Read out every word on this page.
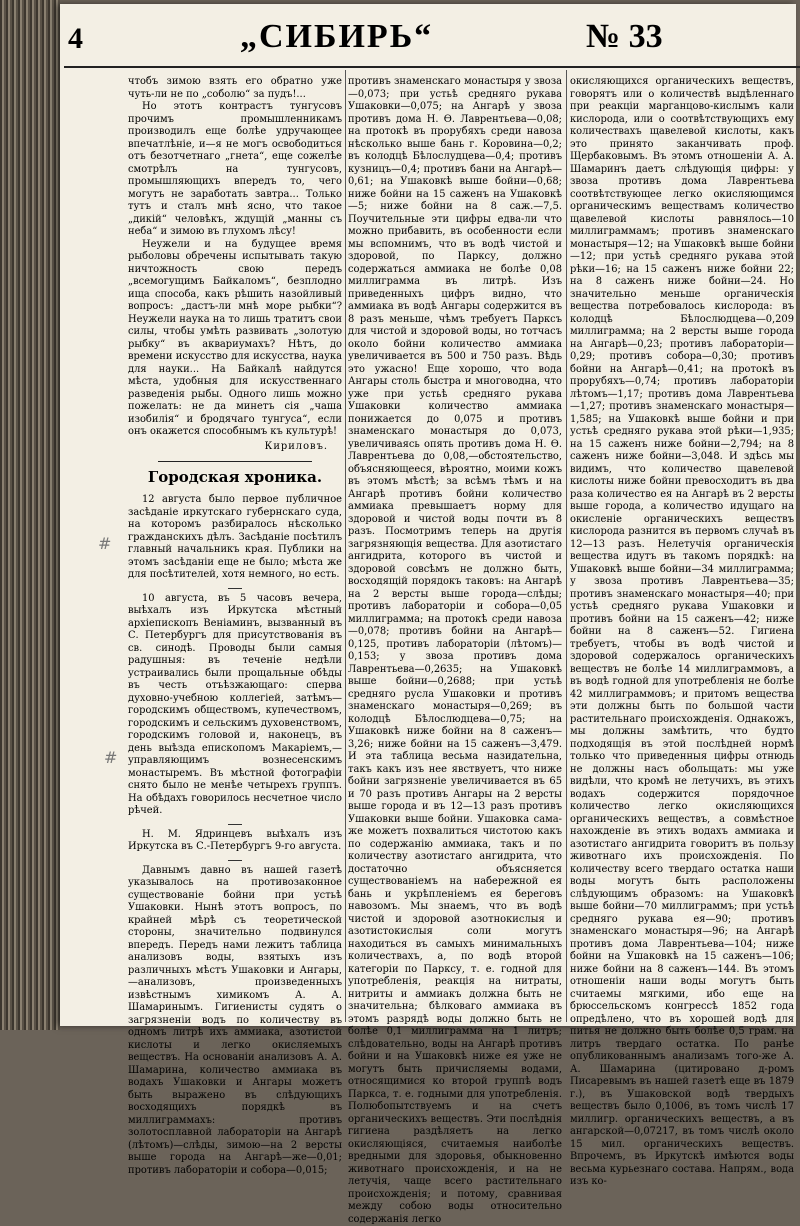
4	„СИБИРЬ“	№ 33
#
#

чтобъ зимою взять его обратно уже чуть-ли не по „соболю“ за пудъ!...

Но этотъ контрастъ тунгусовъ прочимъ промышленникамъ производилъ еще болѣе удручающее впечатлѣніе, и—я не могъ освободиться отъ безотчетнаго „гнета“, еще сожелѣе смотрѣлъ на тунгусовъ, промышляющихъ впередъ то, чего могутъ не заработать завтра... Только тутъ и сталъ мнѣ ясно, что такое „дикій“ человѣкъ, ждущій „манны съ неба“ и зимою въ глухомъ лѣсу!

Неужели и на будущее время рыболовы обречены испытывать такую ничтожность свою передъ „всемогущимъ Байкаломъ“, безплодно ища способа, какъ рѣшить назойливый вопросъ: „дастъ-ли мнѣ море рыбки“? Неужели наука на то лишь тратитъ свои силы, чтобы умѣть развивать „золотую рыбку“ въ аквариумахъ? Нѣтъ, до времени искусство для искусства, наука для науки... На Байкалѣ найдутся мѣста, удобныя для искусственнаго разведенія рыбы. Одного лишь можно пожелать: не да минетъ сія „чаша изобилія“ и бродячаго тунгуса“, если онъ окажется способнымъ къ культурѣ!

Кириловъ.
Городская хроника.

12 августа было первое публичное засѣданіе иркутскаго губернскаго суда, на которомъ разбиралось нѣсколько гражданскихъ дѣлъ. Засѣданіе посѣтилъ главный начальникъ края. Публики на этомъ засѣданіи еще не было; мѣста же для посѣтителей, хотя немного, но есть.

10 августа, въ 5 часовъ вечера, выѣхалъ изъ Иркутска мѣстный архіепископъ Веніаминъ, вызванный въ С. Петербургъ для присутствованія въ св. синодѣ. Проводы были самыя радушныя: въ теченіе недѣли устраивались были прощальные обѣды въ честь отъѣзжающаго: сперва духовно-учебною коллегіей, затѣмъ—городскимъ обществомъ, купечествомъ, городскимъ и сельскимъ духовенствомъ, городскимъ головой и, наконецъ, въ день выѣзда епископомъ Макаріемъ,—управляющимъ вознесенскимъ монастыремъ. Въ мѣстной фотографіи снято было не менѣе четырехъ группъ. На обѣдахъ говорилось несчетное число рѣчей.

Н. М. Ядринцевъ выѣхалъ изъ Иркутска въ С.-Петербургъ 9-го августа.

Давнымъ давно въ нашей газетѣ указывалось на противозаконное существованіе бойни при устьѣ Ушаковки. Нынѣ этотъ вопросъ, по крайней мѣрѣ съ теоретической стороны, значительно подвинулся впередъ. Передъ нами лежитъ таблица анализовъ воды, взятыхъ изъ различныхъ мѣстъ Ушаковки и Ангары,—анализовъ, произведенныхъ извѣстнымъ химикомъ А. А. Шамаринымъ. Гигиенисты судятъ о загрязненіи водъ по количеству въ одномъ литрѣ ихъ аммиака, азотистой кислоты и легко окисляемыхъ веществъ. На основаніи анализовъ А. А. Шамарина, количество аммиака въ водахъ Ушаковки и Ангары можетъ быть выражено въ слѣдующихъ восходящихъ порядкѣ въ миллиграммахъ: противъ золотосплавной лабораторіи на Ангарѣ (лѣтомъ)—слѣды, зимою—на 2 версты выше города на Ангарѣ—же—0,01; противъ лабораторіи и собора—0,015;

противъ знаменскаго монастыря у звоза—0,073; при устьѣ средняго рукава Ушаковки—0,075; на Ангарѣ у звоза противъ дома Н. Ѳ. Лаврентьева—0,08; на протокѣ въ прорубяхъ среди навоза нѣсколько выше бань г. Коровина—0,2; въ колодцѣ Бѣлослудцева—0,4; противъ кузницъ—0,4; противъ бани на Ангарѣ—0,61; на Ушаковкѣ выше бойни—0,68; ниже бойни на 15 саженъ на Ушаковкѣ—5; ниже бойни на 8 саж.—7,5. Поучительные эти цифры едва-ли что можно прибавить, въ особенности если мы вспомнимъ, что въ водѣ чистой и здоровой, по Парксу, должно содержаться аммиака не болѣе 0,08 миллиграмма въ литрѣ. Изъ приведенныхъ цифръ видно, что аммиака въ водѣ Ангары содержится въ 8 разъ меньше, чѣмъ требуетъ Парксъ для чистой и здоровой воды, но тотчасъ около бойни количество аммиака увеличивается въ 500 и 750 разъ. Вѣдь это ужасно! Еще хорошо, что вода Ангары столь быстра и многоводна, что уже при устьѣ средняго рукава Ушаковки количество аммиака понижается до 0,075 и противъ знаменскаго монастыря до 0,073, увеличиваясь опять противъ дома Н. Ѳ. Лаврентьева до 0,08,—обстоятельство, объясняющееся, вѣроятно, моими кожъ въ этомъ мѣстѣ; за всѣмъ тѣмъ и на Ангарѣ противъ бойни количество аммиака превышаетъ норму для здоровой и чистой воды почти въ 8 разъ. Посмотримъ теперь на другія загрязняющія вещества. Для азотистаго ангидрита, которого въ чистой и здоровой совсѣмъ не должно быть, восходящій порядокъ таковъ: на Ангарѣ на 2 версты выше города—слѣды; противъ лабораторіи и собора—0,05 миллиграмма; на протокѣ среди навоза—0,078; противъ бойни на Ангарѣ—0,125, противъ лабораторіи (лѣтомъ)—0,153; у звоза противъ дома Лаврентьева—0,2635; на Ушаковкѣ выше бойни—0,2688; при устьѣ средняго русла Ушаковки и противъ знаменскаго монастыря—0,269; въ колодцѣ Бѣлослюдцева—0,75; на Ушаковкѣ ниже бойни на 8 саженъ—3,26; ниже бойни на 15 саженъ—3,479. И эта таблица весьма назидательна, такъ какъ изъ нее явствуетъ, что ниже бойни загрязненіе увеличивается въ 65 и 70 разъ противъ Ангары на 2 версты выше города и въ 12—13 разъ противъ Ушаковки выше бойни. Ушаковка сама-же можетъ похвалиться чистотою какъ по содержанію аммиака, такъ и по количеству азотистаго ангидрита, что достаточно объясняется существованіемъ на набережной ея бань и укрѣпленіемъ ея береговъ навозомъ. Мы знаемъ, что въ водѣ чистой и здоровой азотнокислыя и азотистокислыя соли могутъ находиться въ самыхъ минимальныхъ количествахъ, а, по водѣ второй категоріи по Парксу, т. е. годной для употребленія, реакція на нитраты, нитриты и аммиакъ должна быть не значительна; бѣлковаго аммиака въ этомъ разрядѣ воды должно быть не болѣе 0,1 миллиграмма на 1 литръ; слѣдовательно, воды на Ангарѣ противъ бойни и на Ушаковкѣ ниже ея уже не могутъ быть причисляемы водами, относящимися ко второй группѣ водъ Паркса, т. е. годными для употребленія. Полюбопытствуемъ и на счетъ органическихъ веществъ. Эти послѣднія гигиена раздѣляетъ на легко окисляющіяся, считаемыя наиболѣе вредными для здоровья, обыкновенно животнаго происхожденія, и на не летучія, чаще всего растительнаго происхожденія; и потому, сравнивая между собою воды относительно содержанія легко

окисляющихся органическихъ веществъ, говорятъ или о количествѣ выдѣленнаго при реакціи марганцово-кислымъ кали кислорода, или о соотвѣтствующихъ ему количествахъ щавелевой кислоты, какъ это принято заканчивать проф. Щербаковымъ. Въ этомъ отношеніи А. А. Шамаринъ даетъ слѣдующія цифры: у звоза противъ дома Лаврентьева соотвѣтствующее легко окисляющимся органическимъ веществамъ количество щавелевой кислоты равнялось—10 миллиграммамъ; противъ знаменскаго монастыря—12; на Ушаковкѣ выше бойни—12; при устьѣ средняго рукава этой рѣки—16; на 15 саженъ ниже бойни 22; на 8 саженъ ниже бойни—24. Но значительно меньше органическія вещества потребовалось кислорода: въ колодцѣ Бѣлослюдцева—0,209 миллиграмма; на 2 версты выше города на Ангарѣ—0,23; противъ лабораторіи—0,29; противъ собора—0,30; противъ бойни на Ангарѣ—0,41; на протокѣ въ прорубяхъ—0,74; противъ лабораторіи лѣтомъ—1,17; противъ дома Лаврентьева—1,27; противъ знаменскаго монастыря—1,585; на Ушаковкѣ выше бойни и при устьѣ средняго рукава этой рѣки—1,935; на 15 саженъ ниже бойни—2,794; на 8 саженъ ниже бойни—3,048. И здѣсь мы видимъ, что количество щавелевой кислоты ниже бойни превосходитъ въ два раза количество ея на Ангарѣ въ 2 версты выше города, а количество идущаго на окисленіе органическихъ веществъ кислорода разнится въ первомъ случаѣ въ 12—13 разъ. Нелетучія органическія вещества идутъ въ такомъ порядкѣ: на Ушаковкѣ выше бойни—34 миллиграмма; у звоза противъ Лаврентьева—35; противъ знаменскаго монастыря—40; при устьѣ средняго рукава Ушаковки и противъ бойни на 15 саженъ—42; ниже бойни на 8 саженъ—52. Гигиена требуетъ, чтобы въ водѣ чистой и здоровой содержалось органическихъ веществъ не болѣе 14 миллиграммовъ, а въ водѣ годной для употребленія не болѣе 42 миллиграммовъ; и притомъ вещества эти должны быть по большой части растительнаго происхожденія. Однакожъ, мы должны замѣтить, что будто подходящія въ этой послѣдней нормѣ только что приведенныя цифры отнюдь не должны насъ обольщать: мы уже видѣли, что кромѣ не летучихъ, въ этихъ водахъ содержится порядочное количество легко окисляющихся органическихъ веществъ, а совмѣстное нахожденіе въ этихъ водахъ аммиака и азотистаго ангидрита говоритъ въ пользу животнаго ихъ происхожденія. По количеству всего твердаго остатка наши воды могутъ быть расположены слѣдующимъ образомъ: на Ушаковкѣ выше бойни—70 миллиграммъ; при устьѣ средняго рукава ея—90; противъ знаменскаго монастыря—96; на Ангарѣ противъ дома Лаврентьева—104; ниже бойни на Ушаковкѣ на 15 саженъ—106; ниже бойни на 8 саженъ—144. Въ этомъ отношеніи наши воды могутъ быть считаемы мягкими, ибо еще на брюссельскомъ конгрессѣ 1852 года опредѣлено, что въ хорошей водѣ для питья не должно быть болѣе 0,5 грам. на литръ твердаго остатка. По ранѣе опубликованнымъ анализамъ того-же А. А. Шамарина (цитировано д-ромъ Писаревымъ въ нашей газетѣ еще въ 1879 г.), въ Ушаковской водѣ твердыхъ веществъ было 0,1006, въ томъ числѣ 17 миллигр. органическихъ веществъ, а въ ангарской—0,07217, въ томъ числѣ около 15 мил. органическихъ веществъ. Впрочемъ, въ Иркутскѣ имѣются воды весьма курьезнаго состава. Напрям., вода изъ ко-
